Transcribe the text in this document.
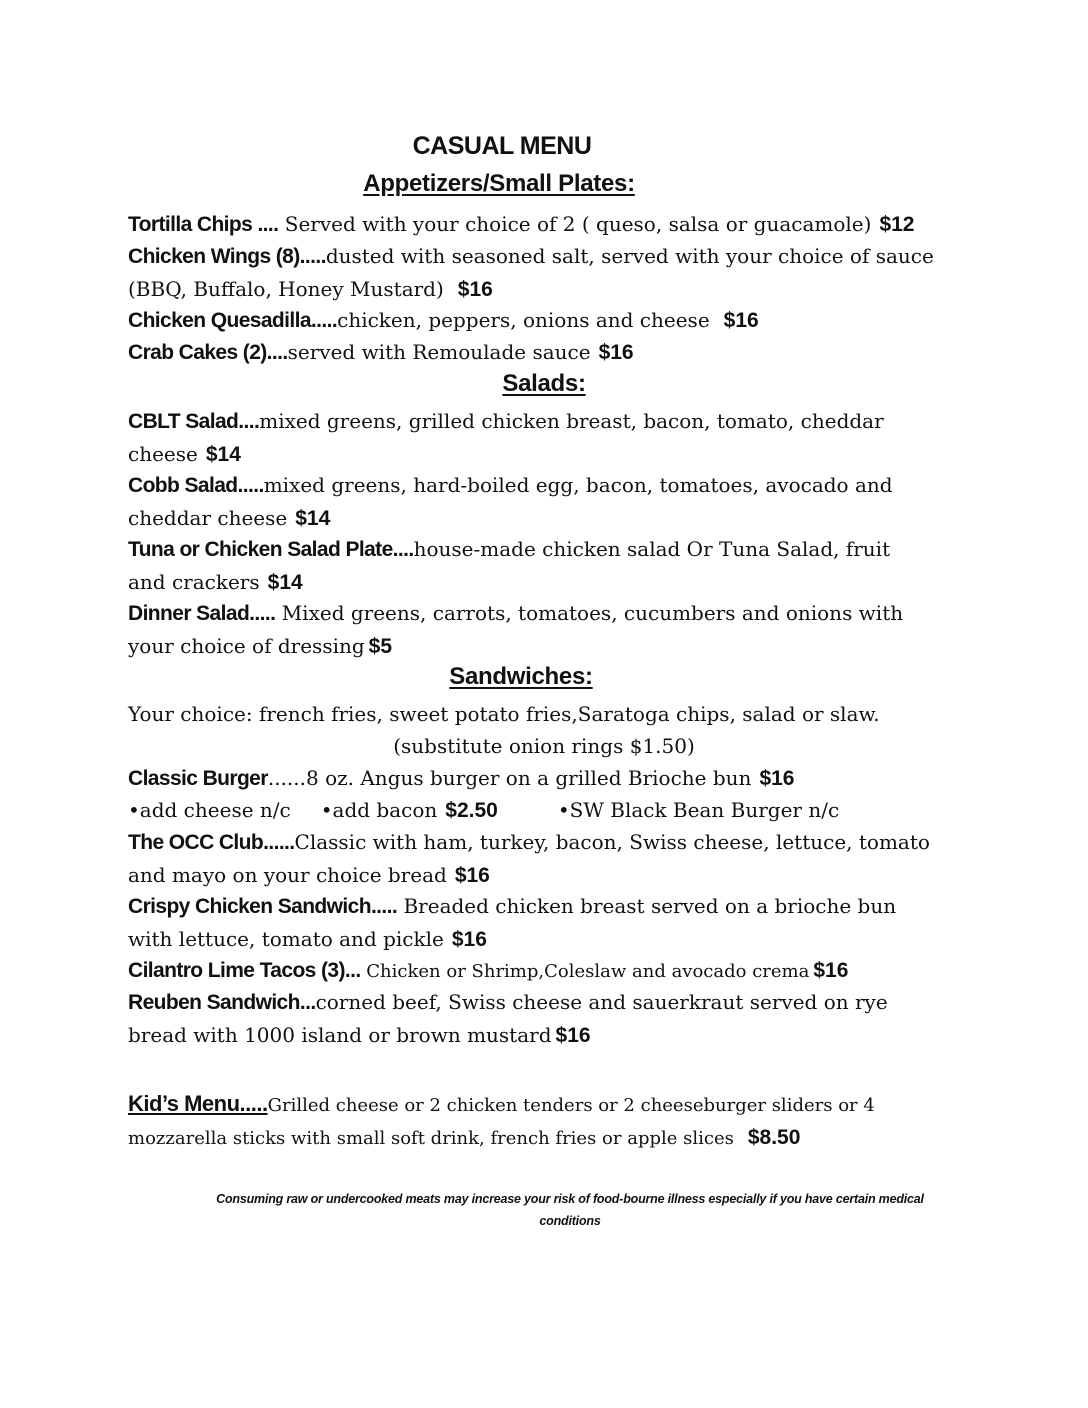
CASUAL MENU
Appetizers/Small Plates:
Tortilla Chips .... Served with your choice of 2 ( queso, salsa or guacamole) $12
Chicken Wings (8).....dusted with seasoned salt, served with your choice of sauce
(BBQ, Buffalo, Honey Mustard) $16
Chicken Quesadilla.....chicken, peppers, onions and cheese $16
Crab Cakes (2)....served with Remoulade sauce $16
Salads:
CBLT Salad....mixed greens, grilled chicken breast, bacon, tomato, cheddar
cheese $14
Cobb Salad.....mixed greens, hard-boiled egg, bacon, tomatoes, avocado and
cheddar cheese $14
Tuna or Chicken Salad Plate....house-made chicken salad Or Tuna Salad, fruit
and crackers $14
Dinner Salad..... Mixed greens, carrots, tomatoes, cucumbers and onions with
your choice of dressing $5
Sandwiches:
Your choice: french fries, sweet potato fries,Saratoga chips, salad or slaw.
(substitute onion rings $1.50)
Classic Burger......8 oz. Angus burger on a grilled Brioche bun $16
•add cheese n/c •add bacon $2.50	•SW Black Bean Burger n/c
The OCC Club......Classic with ham, turkey, bacon, Swiss cheese, lettuce, tomato
and mayo on your choice bread $16
Crispy Chicken Sandwich..... Breaded chicken breast served on a brioche bun
with lettuce, tomato and pickle $16
Cilantro Lime Tacos (3)... Chicken or Shrimp,Coleslaw and avocado crema $16
Reuben Sandwich...corned beef, Swiss cheese and sauerkraut served on rye
bread with 1000 island or brown mustard $16
Kid’s Menu.....Grilled cheese or 2 chicken tenders or 2 cheeseburger sliders or 4
mozzarella sticks with small soft drink, french fries or apple slices $8.50
Consuming raw or undercooked meats may increase your risk of food-bourne illness especially if you have certain medical
conditions
